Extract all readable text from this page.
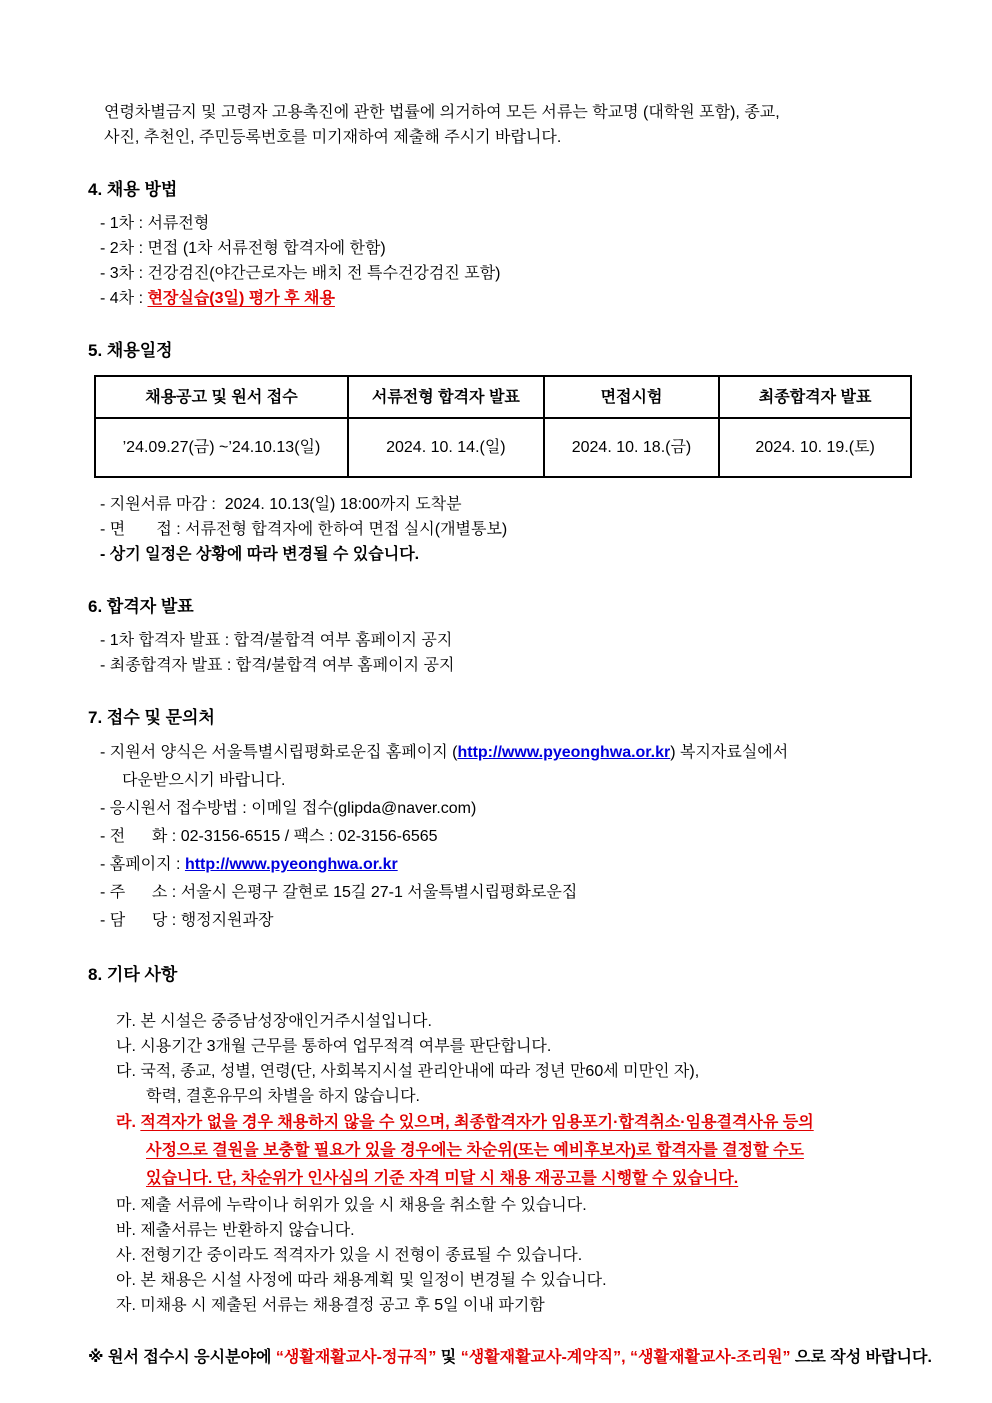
연령차별금지 및 고령자 고용촉진에 관한 법률에 의거하여 모든 서류는 학교명 (대학원 포함), 종교,
사진, 추천인, 주민등록번호를 미기재하여 제출해 주시기 바랍니다.
4. 채용 방법
- 1차 : 서류전형
- 2차 : 면접 (1차 서류전형 합격자에 한함)
- 3차 : 건강검진(야간근로자는 배치 전 특수건강검진 포함)
- 4차 : 현장실습(3일) 평가 후 채용
5. 채용일정
채용공고 및 원서 접수	서류전형 합격자 발표	면접시험	최종합격자 발표
’24.09.27(금) ~’24.10.13(일)	2024. 10. 14.(일)	2024. 10. 18.(금)	2024. 10. 19.(토)
- 지원서류 마감 :  2024. 10.13(일) 18:00까지 도착분
- 면       접 : 서류전형 합격자에 한하여 면접 실시(개별통보)
- 상기 일정은 상황에 따라 변경될 수 있습니다.
6. 합격자 발표
- 1차 합격자 발표 : 합격/불합격 여부 홈페이지 공지
- 최종합격자 발표 : 합격/불합격 여부 홈페이지 공지
7. 접수 및 문의처
- 지원서 양식은 서울특별시립평화로운집 홈페이지 (http://www.pyeonghwa.or.kr) 복지자료실에서
다운받으시기 바랍니다.
- 응시원서 접수방법 : 이메일 접수(glipda@naver.com)
- 전      화 : 02-3156-6515 / 팩스 : 02-3156-6565
- 홈페이지 : http://www.pyeonghwa.or.kr
- 주      소 : 서울시 은평구 갈현로 15길 27-1 서울특별시립평화로운집
- 담      당 : 행정지원과장
8. 기타 사항
가. 본 시설은 중증남성장애인거주시설입니다.
나. 시용기간 3개월 근무를 통하여 업무적격 여부를 판단합니다.
다. 국적, 종교, 성별, 연령(단, 사회복지시설 관리안내에 따라 정년 만60세 미만인 자),
학력, 결혼유무의 차별을 하지 않습니다.
라. 적격자가 없을 경우 채용하지 않을 수 있으며, 최종합격자가 임용포기·합격취소·임용결격사유 등의
사정으로 결원을 보충할 필요가 있을 경우에는 차순위(또는 예비후보자)로 합격자를 결정할 수도
있습니다. 단, 차순위가 인사심의 기준 자격 미달 시 채용 재공고를 시행할 수 있습니다.
마. 제출 서류에 누락이나 허위가 있을 시 채용을 취소할 수 있습니다.
바. 제출서류는 반환하지 않습니다.
사. 전형기간 중이라도 적격자가 있을 시 전형이 종료될 수 있습니다.
아. 본 채용은 시설 사정에 따라 채용계획 및 일정이 변경될 수 있습니다.
자. 미채용 시 제출된 서류는 채용결정 공고 후 5일 이내 파기함
※ 원서 접수시 응시분야에 “생활재활교사-정규직” 및 “생활재활교사-계약직”, “생활재활교사-조리원” 으로 작성 바랍니다.
